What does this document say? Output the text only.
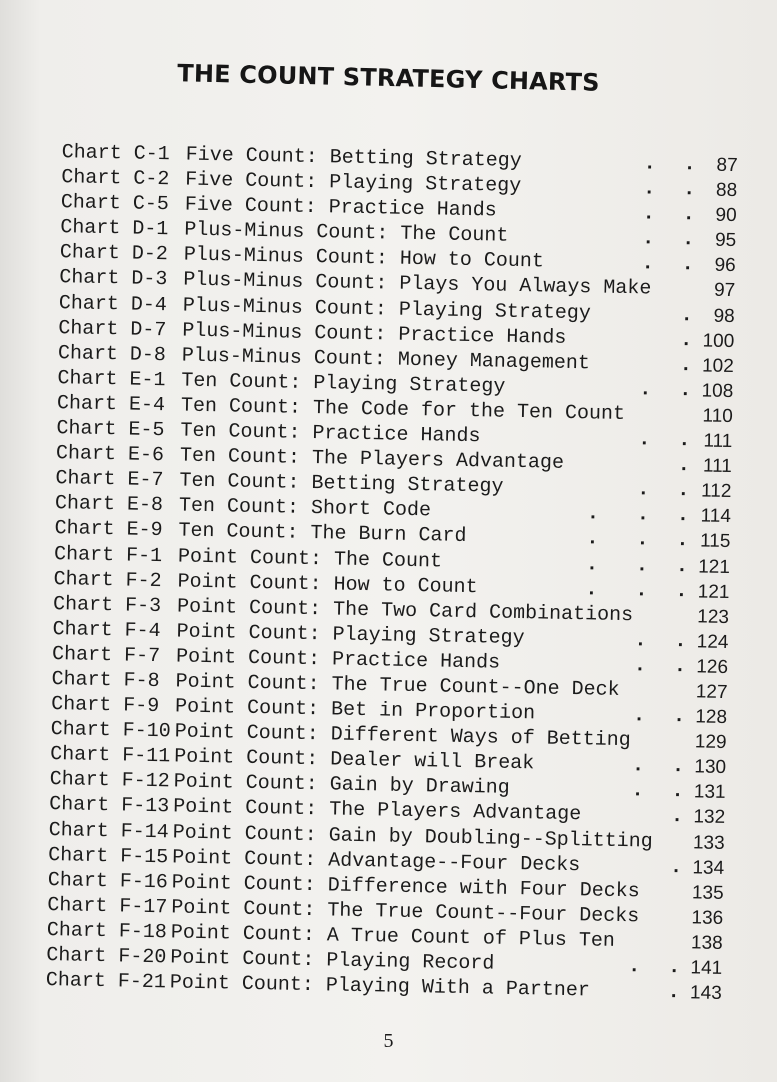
THE COUNT STRATEGY CHARTS
Chart C-1 Five Count: Betting Strategy	. .	87
Chart C-2 Five Count: Playing Strategy	. .	88
Chart C-5 Five Count: Practice Hands	. .	90
Chart D-1 Plus-Minus Count: The Count	. .	95
Chart D-2 Plus-Minus Count: How to Count	. .	96
Chart D-3 Plus-Minus Count: Plays You Always Make	97
Chart D-4 Plus-Minus Count: Playing Strategy	.	98
Chart D-7 Plus-Minus Count: Practice Hands	. 100
Chart D-8 Plus-Minus Count: Money Management	. 102
Chart E-1 Ten Count: Playing Strategy	. . 108
Chart E-4 Ten Count: The Code for the Ten Count	110
Chart E-5 Ten Count: Practice Hands	. . 111
Chart E-6 Ten Count: The Players Advantage	. 111
Chart E-7 Ten Count: Betting Strategy	. . 112
Chart E-8 Ten Count: Short Code	. . . 114
Chart E-9 Ten Count: The Burn Card	. . . 115
Chart F-1 Point Count: The Count	. . . 121
Chart F-2 Point Count: How to Count	. . . 121
Chart F-3 Point Count: The Two Card Combinations	123
Chart F-4 Point Count: Playing Strategy	. . 124
Chart F-7 Point Count: Practice Hands	. . 126
Chart F-8 Point Count: The True Count--One Deck	127
Chart F-9 Point Count: Bet in Proportion	. . 128
Chart F-10 Point Count: Different Ways of Betting	129
Chart F-11 Point Count: Dealer will Break	. . 130
Chart F-12 Point Count: Gain by Drawing	. . 131
Chart F-13 Point Count: The Players Advantage	. 132
Chart F-14 Point Count: Gain by Doubling--Splitting	133
Chart F-15 Point Count: Advantage--Four Decks	. 134
Chart F-16 Point Count: Difference with Four Decks	135
Chart F-17 Point Count: The True Count--Four Decks	136
Chart F-18 Point Count: A True Count of Plus Ten	138
Chart F-20 Point Count: Playing Record	. . 141
Chart F-21 Point Count: Playing With a Partner	. 143
5
